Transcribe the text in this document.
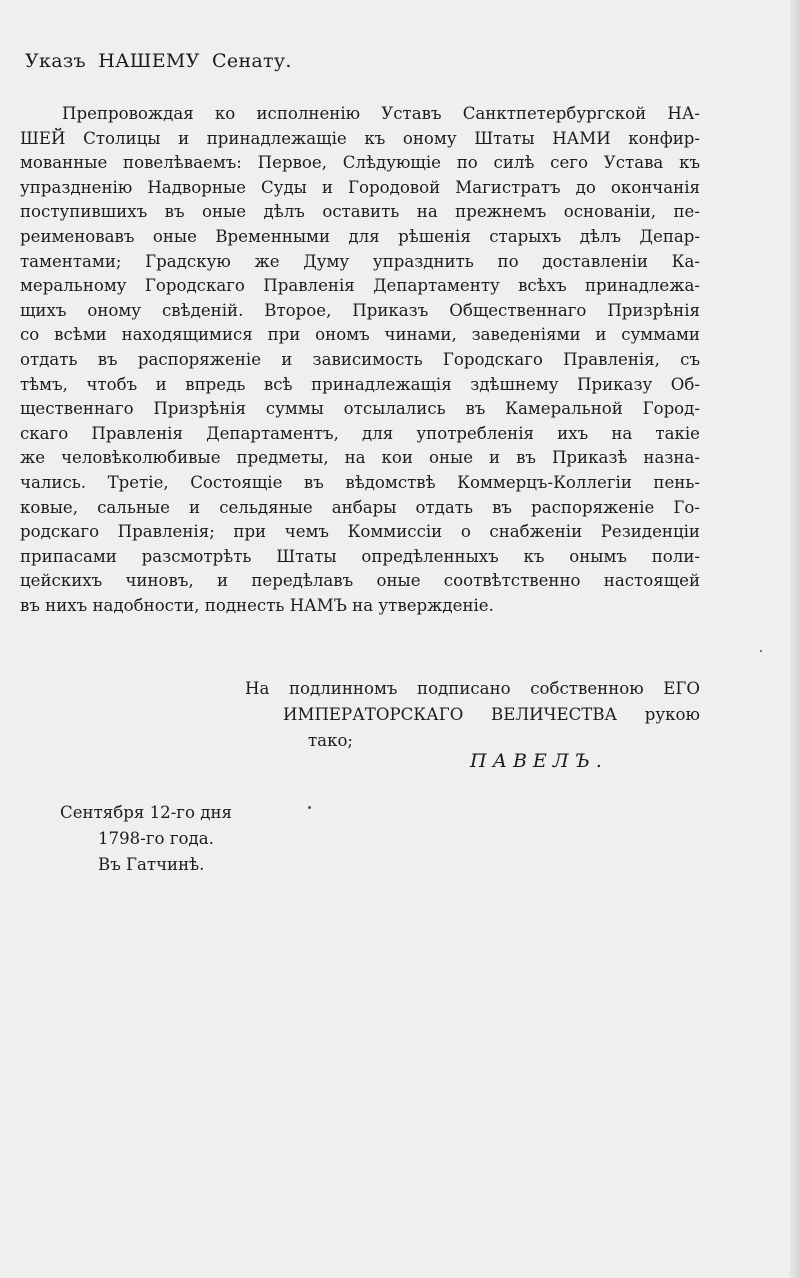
Указъ НАШЕМУ Сенату.
Препровождая ко исполненію Уставъ Санктпетербургской НА-
ШЕЙ Столицы и принадлежащіе къ оному Штаты НАМИ конфир-
мованные повелѣваемъ: Первое, Слѣдующіе по силѣ сего Устава къ
упраздненію Надворные Суды и Городовой Магистратъ до окончанія
поступившихъ въ оные дѣлъ оставить на прежнемъ основаніи, пе-
реименовавъ оные Временными для рѣшенія старыхъ дѣлъ Депар-
таментами; Градскую же Думу упразднить по доставленіи Ка-
меральному Городскаго Правленія Департаменту всѣхъ принадлежа-
щихъ оному свѣденій. Второе, Приказъ Общественнаго Призрѣнія
со всѣми находящимися при ономъ чинами, заведеніями и суммами
отдать въ распоряженіе и зависимость Городскаго Правленія, съ
тѣмъ, чтобъ и впредь всѣ принадлежащія здѣшнему Приказу Об-
щественнаго Призрѣнія суммы отсылались въ Камеральной Город-
скаго Правленія Департаментъ, для употребленія ихъ на такіе
же человѣколюбивые предметы, на кои оные и въ Приказѣ назна-
чались. Третіе, Состоящіе въ вѣдомствѣ Коммерцъ-Коллегіи пень-
ковые, сальные и сельдяные анбары отдать въ распоряженіе Го-
родскаго Правленія; при чемъ Коммиссіи о снабженіи Резиденціи
припасами разсмотрѣть Штаты опредѣленныхъ къ онымъ поли-
цейскихъ чиновъ, и передѣлавъ оные соотвѣтственно настоящей
въ нихъ надобности, поднесть НАМЪ на утвержденіе.
На подлинномъ подписано собственною ЕГО
ИМПЕРАТОРСКАГО ВЕЛИЧЕСТВА рукою
тако;

ПАВЕЛЪ.

Сентября 12-го дня
1798-го года.
Въ Гатчинѣ.
